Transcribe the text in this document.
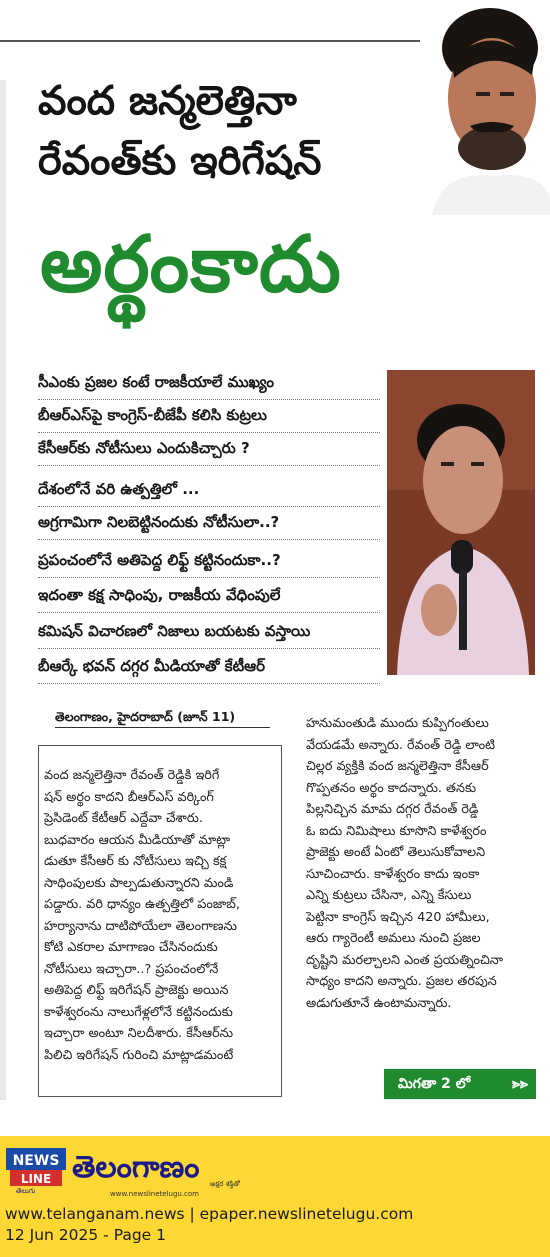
వంద జన్మలెత్తినా
రేవంత్‌కు ఇరిగేషన్
అర్థంకాదు
సీఎంకు ప్రజల కంటే రాజకీయాలే ముఖ్యం
బీఆర్ఎస్‌పై కాంగ్రెస్-బీజేపీ కలిసి కుట్రలు
కేసీఆర్‌కు నోటీసులు ఎందుకిచ్చారు ?
దేశంలోనే వరి ఉత్పత్తిలో ...
అగ్రగామిగా నిలబెట్టినందుకు నోటీసులా..?
ప్రపంచంలోనే అతిపెద్ద లిఫ్ట్ కట్టినందుకా..?
ఇదంతా కక్ష సాధింపు, రాజకీయ వేధింపులే
కమిషన్ విచారణలో నిజాలు బయటకు వస్తాయి
బీఆర్కే భవన్ దగ్గర మీడియాతో కేటీఆర్
తెలంగాణం, హైదరాబాద్ (జూన్ 11)
వంద జన్మలెత్తినా రేవంత్ రెడ్డికి ఇరిగే
షన్ అర్థం కాదని బీఆర్ఎస్ వర్కింగ్
ప్రెసిడెంట్ కేటీఆర్ ఎద్దేవా చేశారు.
బుధవారం ఆయన మీడియాతో మాట్లా
డుతూ కేసీఆర్ కు నోటీసులు ఇచ్చి కక్ష
సాధింపులకు పాల్పడుతున్నారని మండి
పడ్డారు. వరి ధాన్యం ఉత్పత్తిలో పంజాబ్,
హర్యానాను దాటిపోయేలా తెలంగాణను
కోటి ఎకరాల మాగాణం చేసినందుకు
నోటీసులు ఇచ్చారా..? ప్రపంచంలోనే
అతిపెద్ద లిఫ్ట్ ఇరిగేషన్ ప్రాజెక్టు అయిన
కాళేశ్వరంను నాలుగేళ్లలోనే కట్టినందుకు
ఇచ్చారా అంటూ నిలదీశారు. కేసీఆర్‌ను
పిలిచి ఇరిగేషన్ గురించి మాట్లాడమంటే
హనుమంతుడి ముందు కుప్పిగంతులు
వేయడమే అన్నారు. రేవంత్ రెడ్డి లాంటి
చిల్లర వ్యక్తికి వంద జన్మలెత్తినా కేసీఆర్
గొప్పతనం అర్థం కాదన్నారు. తనకు
పిల్లనిచ్చిన మామ దగ్గర రేవంత్ రెడ్డి
ఓ ఐదు నిమిషాలు కూసొని కాళేశ్వరం
ప్రాజెక్టు అంటే ఏంటో తెలుసుకోవాలని
సూచించారు. కాళేశ్వరం కాదు ఇంకా
ఎన్ని కుట్రలు చేసినా, ఎన్ని కేసులు
పెట్టినా కాంగ్రెస్ ఇచ్చిన 420 హామీలు,
ఆరు గ్యారెంటీ అమలు నుంచి ప్రజల
దృష్టిని మరల్చాలని ఎంత ప్రయత్నించినా
సాధ్యం కాదని అన్నారు. ప్రజల తరపున
అడుగుతూనే ఉంటామన్నారు.
మిగతా 2 లో	⪢⪢
NEWS
LINE
తెలుగు
తెలంగాణం అక్షర శక్తితో
www.newslinetelugu.com
www.telanganam.news | epaper.newslinetelugu.com
12 Jun 2025 - Page 1
